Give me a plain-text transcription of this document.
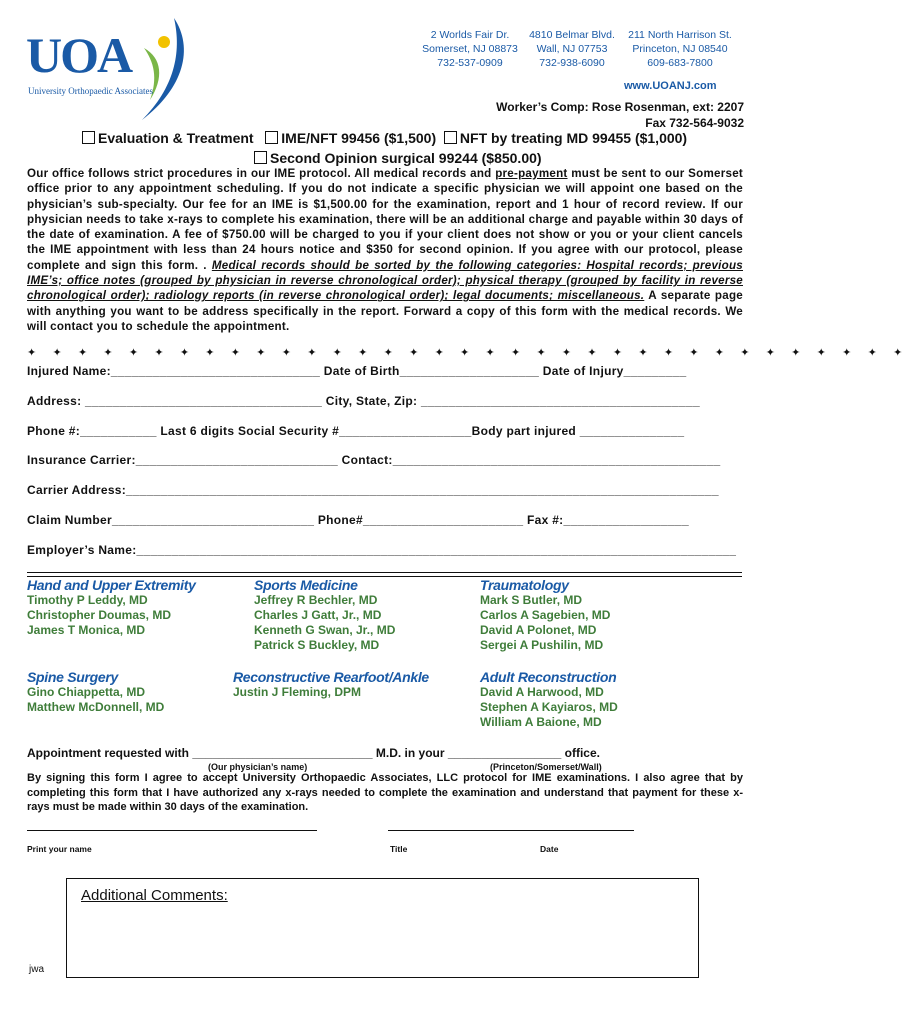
UOA
University Orthopaedic Associates
2 Worlds Fair Dr.
Somerset, NJ 08873
732-537-0909
4810 Belmar Blvd.
Wall, NJ 07753
732-938-6090
211 North Harrison St.
Princeton, NJ 08540
609-683-7800
www.UOANJ.com
Worker’s Comp: Rose Rosenman, ext: 2207
Fax 732-564-9032
Evaluation & Treatment IME/NFT 99456 ($1,500) NFT by treating MD 99455 ($1,000)
Second Opinion surgical 99244 ($850.00)
Our office follows strict procedures in our IME protocol. All medical records and pre-payment must be sent to our Somerset office prior to any appointment scheduling. If you do not indicate a specific physician we will appoint one based on the physician’s sub-specialty. Our fee for an IME is $1,500.00 for the examination, report and 1 hour of record review. If our physician needs to take x-rays to complete his examination, there will be an additional charge and payable within 30 days of the date of examination. A fee of $750.00 will be charged to you if your client does not show or you or your client cancels the IME appointment with less than 24 hours notice and $350 for second opinion. If you agree with our protocol, please complete and sign this form. . Medical records should be sorted by the following categories: Hospital records; previous IME’s; office notes (grouped by physician in reverse chronological order); physical therapy (grouped by facility in reverse chronological order); radiology reports (in reverse chronological order); legal documents; miscellaneous. A separate page with anything you want to be address specifically in the report. Forward a copy of this form with the medical records. We will contact you to schedule the appointment.
✦ ✦ ✦ ✦ ✦ ✦ ✦ ✦ ✦ ✦ ✦ ✦ ✦ ✦ ✦ ✦ ✦ ✦ ✦ ✦ ✦ ✦ ✦ ✦ ✦ ✦ ✦ ✦ ✦ ✦ ✦ ✦ ✦ ✦ ✦
Injured Name:______________________________ Date of Birth____________________ Date of Injury_________
Address: __________________________________ City, State, Zip: ________________________________________
Phone #:___________ Last 6 digits Social Security #___________________Body part injured _______________
Insurance Carrier:_____________________________ Contact:_______________________________________________
Carrier Address:_____________________________________________________________________________________
Claim Number_____________________________ Phone#_______________________ Fax #:__________________
Employer’s Name:______________________________________________________________________________________
Hand and Upper Extremity
Timothy P Leddy, MD
Christopher Doumas, MD
James T Monica, MD
Sports Medicine
Jeffrey R Bechler, MD
Charles J Gatt, Jr., MD
Kenneth G Swan, Jr., MD
Patrick S Buckley, MD
Traumatology
Mark S Butler, MD
Carlos A Sagebien, MD
David A Polonet, MD
Sergei A Pushilin, MD
Spine Surgery
Gino Chiappetta, MD
Matthew McDonnell, MD
Reconstructive Rearfoot/Ankle
Justin J Fleming, DPM
Adult Reconstruction
David A Harwood, MD
Stephen A Kayiaros, MD
William A Baione, MD
Appointment requested with ___________________________ M.D. in your _________________ office.
(Our physician’s name)	(Princeton/Somerset/Wall)
By signing this form I agree to accept University Orthopaedic Associates, LLC protocol for IME examinations. I also agree that by completing this form that I have authorized any x-rays needed to complete the examination and understand that payment for these x-rays must be made within 30 days of the examination.
Print your name	Title	Date
Additional Comments:
jwa
